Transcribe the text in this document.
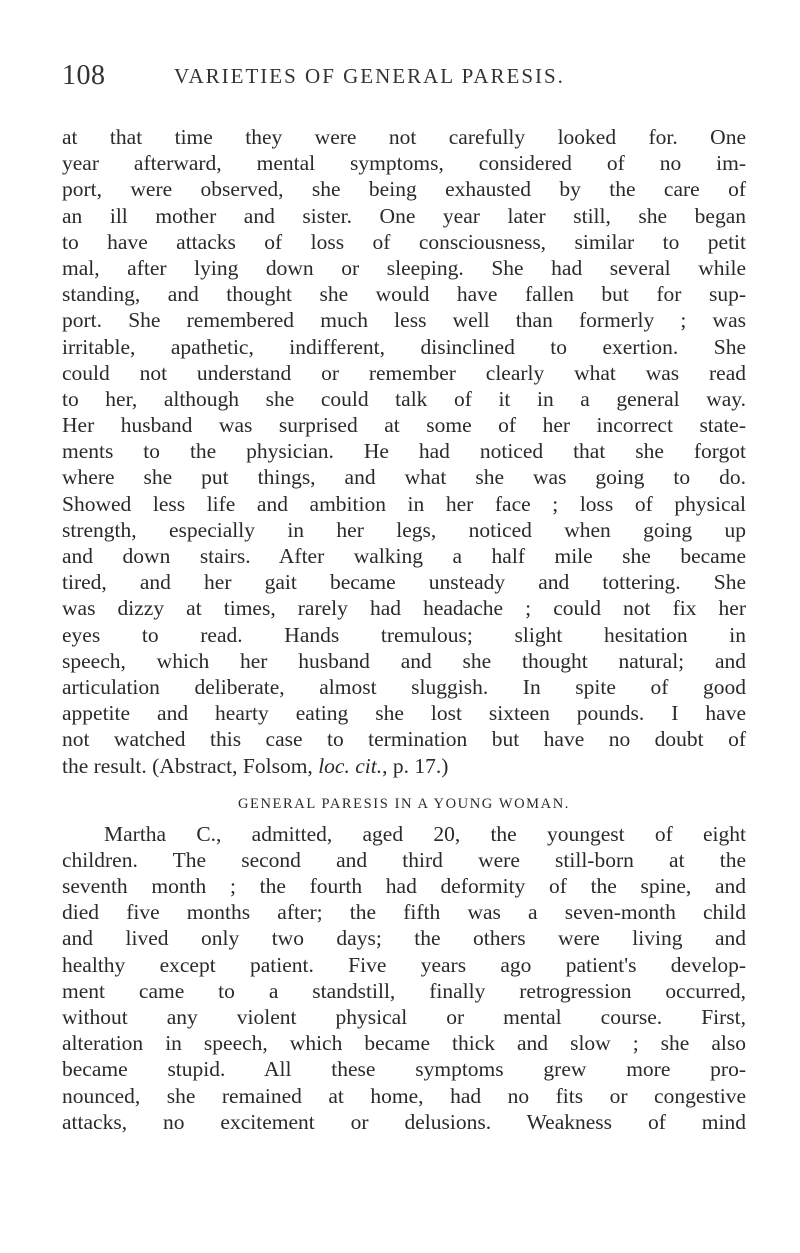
108	VARIETIES OF GENERAL PARESIS.
at that time they were not carefully looked for. One
year afterward, mental symptoms, considered of no im-
port, were observed, she being exhausted by the care of
an ill mother and sister. One year later still, she began
to have attacks of loss of consciousness, similar to petit
mal, after lying down or sleeping. She had several while
standing, and thought she would have fallen but for sup-
port. She remembered much less well than formerly ; was
irritable, apathetic, indifferent, disinclined to exertion. She
could not understand or remember clearly what was read
to her, although she could talk of it in a general way.
Her husband was surprised at some of her incorrect state-
ments to the physician. He had noticed that she forgot
where she put things, and what she was going to do.
Showed less life and ambition in her face ; loss of physical
strength, especially in her legs, noticed when going up
and down stairs. After walking a half mile she became
tired, and her gait became unsteady and tottering. She
was dizzy at times, rarely had headache ; could not fix her
eyes to read. Hands tremulous; slight hesitation in
speech, which her husband and she thought natural; and
articulation deliberate, almost sluggish. In spite of good
appetite and hearty eating she lost sixteen pounds. I have
not watched this case to termination but have no doubt of
the result. (Abstract, Folsom, loc. cit., p. 17.)
GENERAL PARESIS IN A YOUNG WOMAN.
Martha C., admitted, aged 20, the youngest of eight
children. The second and third were still-born at the
seventh month ; the fourth had deformity of the spine, and
died five months after; the fifth was a seven-month child
and lived only two days; the others were living and
healthy except patient. Five years ago patient's develop-
ment came to a standstill, finally retrogression occurred,
without any violent physical or mental course. First,
alteration in speech, which became thick and slow ; she also
became stupid. All these symptoms grew more pro-
nounced, she remained at home, had no fits or congestive
attacks, no excitement or delusions. Weakness of mind
